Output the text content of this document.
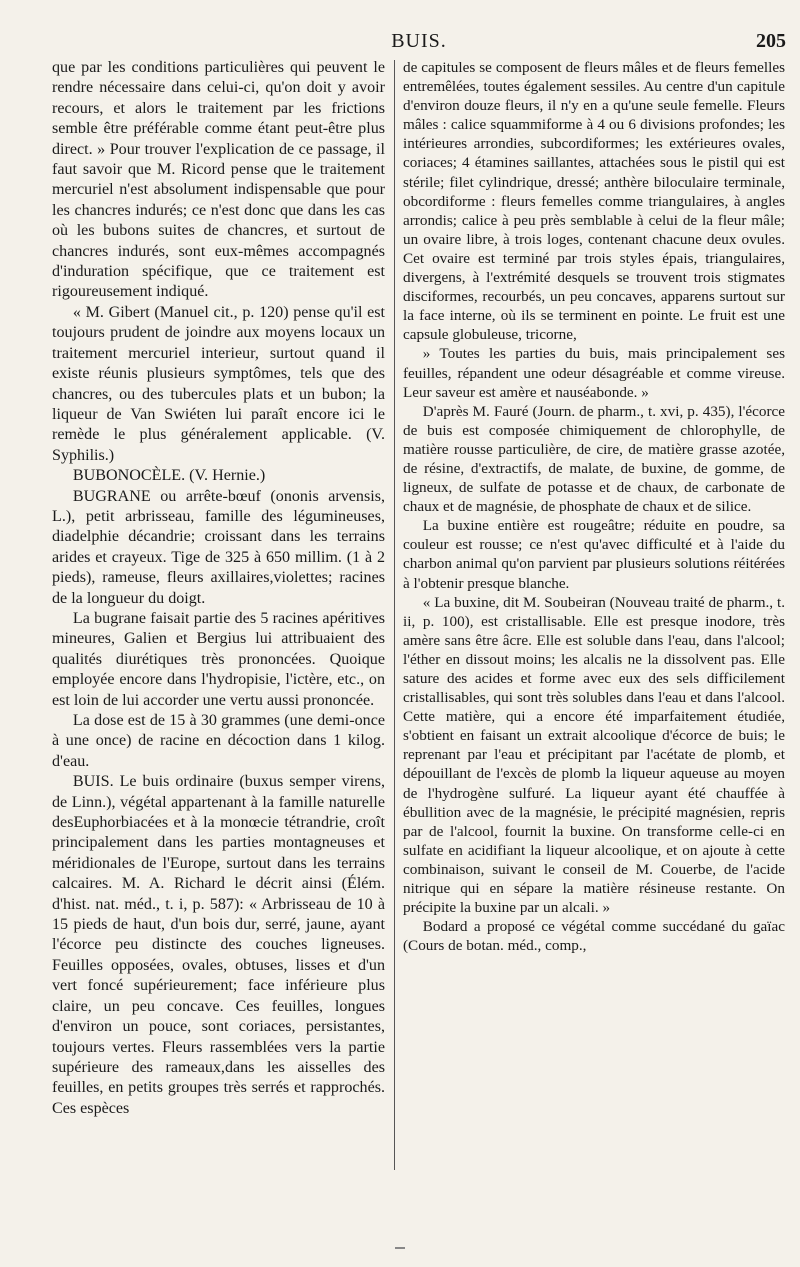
BUIS.	205

que par les conditions particulières qui peuvent le rendre nécessaire dans celui-ci, qu'on doit y avoir recours, et alors le traitement par les frictions semble être préférable comme étant peut-être plus direct. » Pour trouver l'explication de ce passage, il faut savoir que M. Ricord pense que le traitement mercuriel n'est absolument indispensable que pour les chancres indurés; ce n'est donc que dans les cas où les bubons suites de chancres, et surtout de chancres indurés, sont eux-mêmes accompagnés d'induration spécifique, que ce traitement est rigoureusement indiqué.

« M. Gibert (Manuel cit., p. 120) pense qu'il est toujours prudent de joindre aux moyens locaux un traitement mercuriel interieur, surtout quand il existe réunis plusieurs symptômes, tels que des chancres, ou des tubercules plats et un bubon; la liqueur de Van Swiéten lui paraît encore ici le remède le plus généralement applicable. (V. Syphilis.)

BUBONOCÈLE. (V. Hernie.)

BUGRANE ou arrête-bœuf (ononis arvensis, L.), petit arbrisseau, famille des légumineuses, diadelphie décandrie; croissant dans les terrains arides et crayeux. Tige de 325 à 650 millim. (1 à 2 pieds), rameuse, fleurs axillaires,violettes; racines de la longueur du doigt.

La bugrane faisait partie des 5 racines apéritives mineures, Galien et Bergius lui attribuaient des qualités diurétiques très prononcées. Quoique employée encore dans l'hydropisie, l'ictère, etc., on est loin de lui accorder une vertu aussi prononcée.

La dose est de 15 à 30 grammes (une demi-once à une once) de racine en décoction dans 1 kilog. d'eau.

BUIS. Le buis ordinaire (buxus semper virens, de Linn.), végétal appartenant à la famille naturelle desEuphorbiacées et à la monœcie tétrandrie, croît principalement dans les parties montagneuses et méridionales de l'Europe, surtout dans les terrains calcaires. M. A. Richard le décrit ainsi (Élém. d'hist. nat. méd., t. i, p. 587): « Arbrisseau de 10 à 15 pieds de haut, d'un bois dur, serré, jaune, ayant l'écorce peu distincte des couches ligneuses. Feuilles opposées, ovales, obtuses, lisses et d'un vert foncé supérieurement; face inférieure plus claire, un peu concave. Ces feuilles, longues d'environ un pouce, sont coriaces, persistantes, toujours vertes. Fleurs rassemblées vers la partie supérieure des rameaux,dans les aisselles des feuilles, en petits groupes très serrés et rapprochés. Ces espèces

de capitules se composent de fleurs mâles et de fleurs femelles entremêlées, toutes également sessiles. Au centre d'un capitule d'environ douze fleurs, il n'y en a qu'une seule femelle. Fleurs mâles : calice squammiforme à 4 ou 6 divisions profondes; les intérieures arrondies, subcordiformes; les extérieures ovales, coriaces; 4 étamines saillantes, attachées sous le pistil qui est stérile; filet cylindrique, dressé; anthère biloculaire terminale, obcordiforme : fleurs femelles comme triangulaires, à angles arrondis; calice à peu près semblable à celui de la fleur mâle; un ovaire libre, à trois loges, contenant chacune deux ovules. Cet ovaire est terminé par trois styles épais, triangulaires, divergens, à l'extrémité desquels se trouvent trois stigmates disciformes, recourbés, un peu concaves, apparens surtout sur la face interne, où ils se terminent en pointe. Le fruit est une capsule globuleuse, tricorne,

» Toutes les parties du buis, mais principalement ses feuilles, répandent une odeur désagréable et comme vireuse. Leur saveur est amère et nauséabonde. »

D'après M. Fauré (Journ. de pharm., t. xvi, p. 435), l'écorce de buis est composée chimiquement de chlorophylle, de matière rousse particulière, de cire, de matière grasse azotée, de résine, d'extractifs, de malate, de buxine, de gomme, de ligneux, de sulfate de potasse et de chaux, de carbonate de chaux et de magnésie, de phosphate de chaux et de silice.

La buxine entière est rougeâtre; réduite en poudre, sa couleur est rousse; ce n'est qu'avec difficulté et à l'aide du charbon animal qu'on parvient par plusieurs solutions réitérées à l'obtenir presque blanche.

« La buxine, dit M. Soubeiran (Nouveau traité de pharm., t. ii, p. 100), est cristallisable. Elle est presque inodore, très amère sans être âcre. Elle est soluble dans l'eau, dans l'alcool; l'éther en dissout moins; les alcalis ne la dissolvent pas. Elle sature des acides et forme avec eux des sels difficilement cristallisables, qui sont très solubles dans l'eau et dans l'alcool. Cette matière, qui a encore été imparfaitement étudiée, s'obtient en faisant un extrait alcoolique d'écorce de buis; le reprenant par l'eau et précipitant par l'acétate de plomb, et dépouillant de l'excès de plomb la liqueur aqueuse au moyen de l'hydrogène sulfuré. La liqueur ayant été chauffée à ébullition avec de la magnésie, le précipité magnésien, repris par de l'alcool, fournit la buxine. On transforme celle-ci en sulfate en acidifiant la liqueur alcoolique, et on ajoute à cette combinaison, suivant le conseil de M. Couerbe, de l'acide nitrique qui en sépare la matière résineuse restante. On précipite la buxine par un alcali. »

Bodard a proposé ce végétal comme succédané du gaïac (Cours de botan. méd., comp.,
